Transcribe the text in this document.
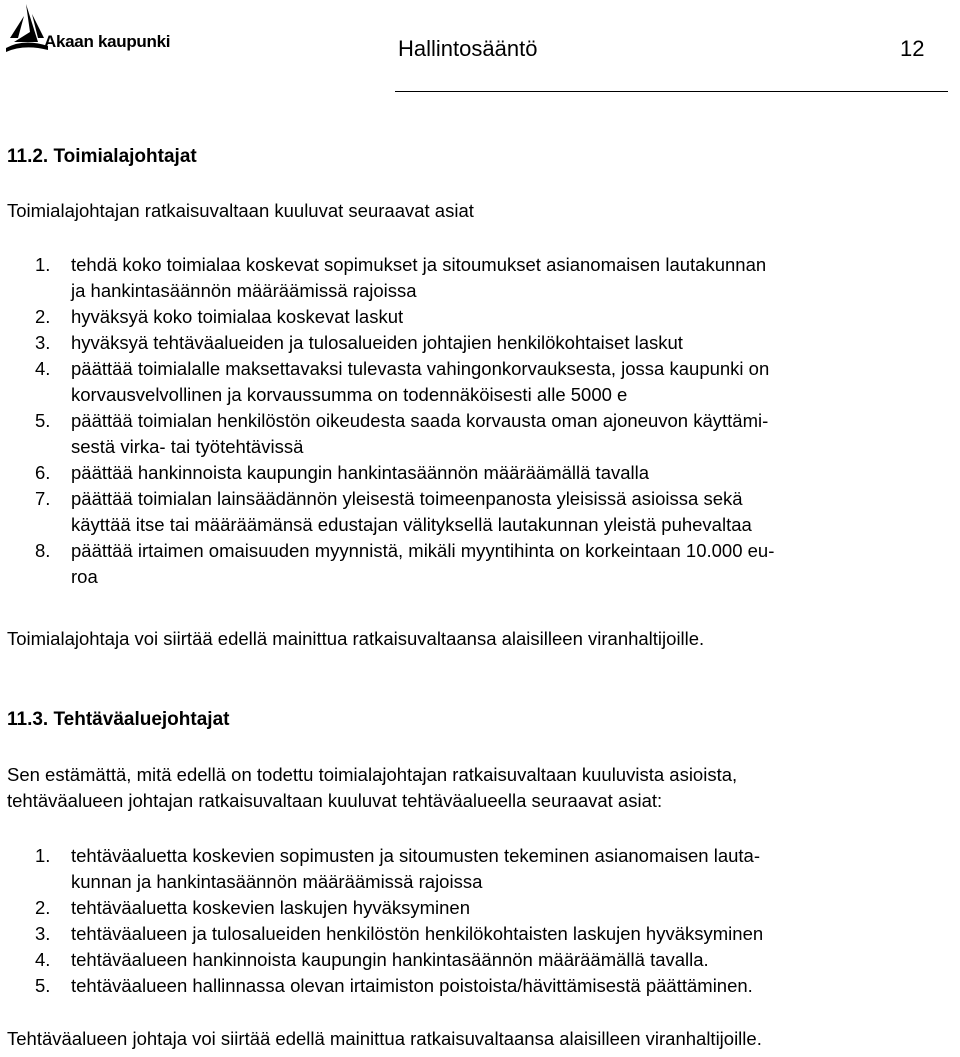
Akaan kaupunki	Hallintosääntö	12
11.2. Toimialajohtajat
Toimialajohtajan ratkaisuvaltaan kuuluvat seuraavat asiat
1. tehdä koko toimialaa koskevat sopimukset ja sitoumukset asianomaisen lautakunnan
ja hankintasäännön määräämissä rajoissa
2. hyväksyä koko toimialaa koskevat laskut
3. hyväksyä tehtäväalueiden ja tulosalueiden johtajien henkilökohtaiset laskut
4. päättää toimialalle maksettavaksi tulevasta vahingonkorvauksesta, jossa kaupunki on
korvausvelvollinen ja korvaussumma on todennäköisesti alle 5000 e
5. päättää toimialan henkilöstön oikeudesta saada korvausta oman ajoneuvon käyttämi-
sestä virka- tai työtehtävissä
6. päättää hankinnoista kaupungin hankintasäännön määräämällä tavalla
7. päättää toimialan lainsäädännön yleisestä toimeenpanosta yleisissä asioissa sekä
käyttää itse tai määräämänsä edustajan välityksellä lautakunnan yleistä puhevaltaa
8. päättää irtaimen omaisuuden myynnistä, mikäli myyntihinta on korkeintaan 10.000 eu-
roa
Toimialajohtaja voi siirtää edellä mainittua ratkaisuvaltaansa alaisilleen viranhaltijoille.
11.3. Tehtäväaluejohtajat
Sen estämättä, mitä edellä on todettu toimialajohtajan ratkaisuvaltaan kuuluvista asioista,
tehtäväalueen johtajan ratkaisuvaltaan kuuluvat tehtäväalueella seuraavat asiat:
1. tehtäväaluetta koskevien sopimusten ja sitoumusten tekeminen asianomaisen lauta-
kunnan ja hankintasäännön määräämissä rajoissa
2. tehtäväaluetta koskevien laskujen hyväksyminen
3. tehtäväalueen ja tulosalueiden henkilöstön henkilökohtaisten laskujen hyväksyminen
4. tehtäväalueen hankinnoista kaupungin hankintasäännön määräämällä tavalla.
5. tehtäväalueen hallinnassa olevan irtaimiston poistoista/hävittämisestä päättäminen.
Tehtäväalueen johtaja voi siirtää edellä mainittua ratkaisuvaltaansa alaisilleen viranhaltijoille.
